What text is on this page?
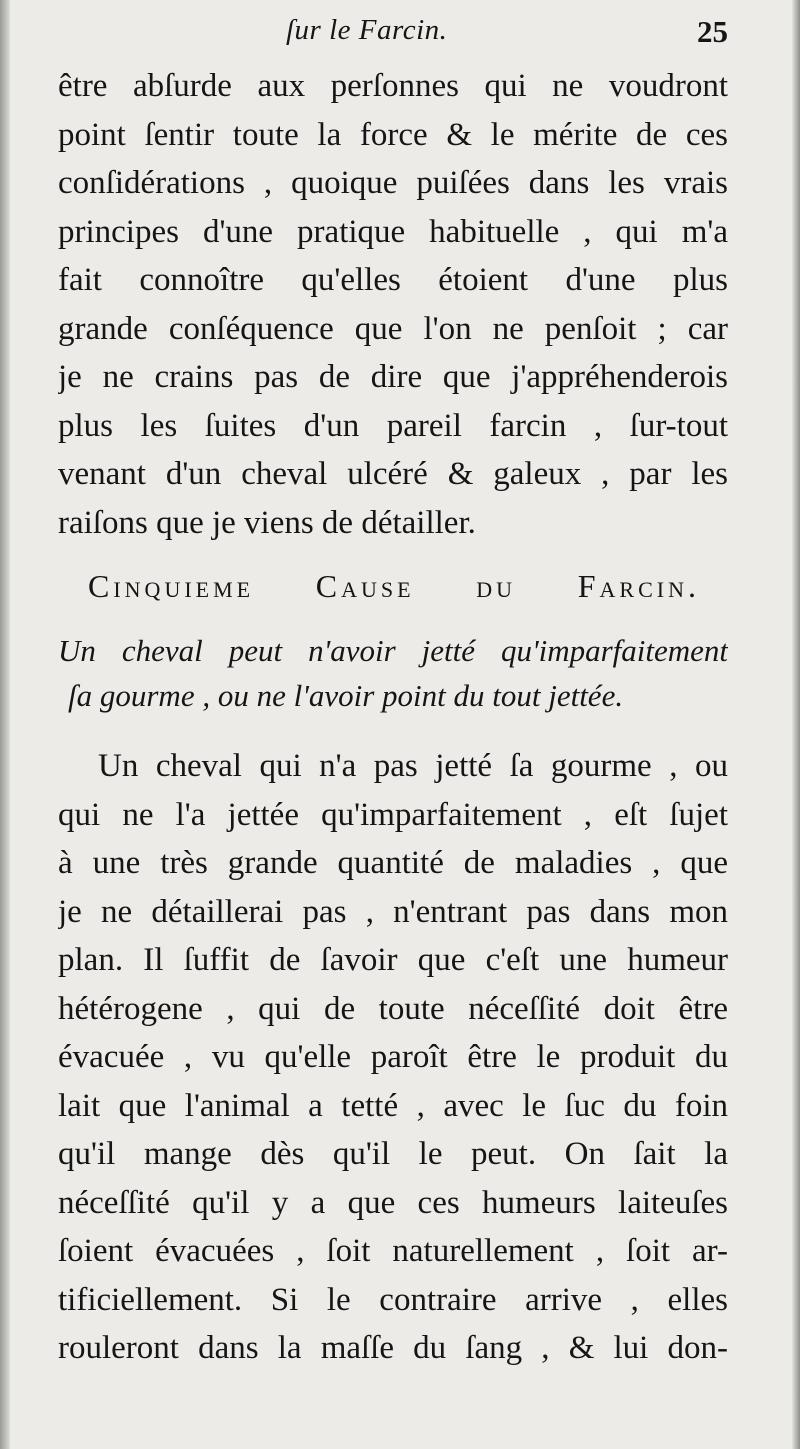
ſur le Farcin.	25
être abſurde aux perſonnes qui ne voudront
point ſentir toute la force & le mérite de ces
conſidérations , quoique puiſées dans les vrais
principes d'une pratique habituelle , qui m'a
fait connoître qu'elles étoient d'une plus
grande conſéquence que l'on ne penſoit ; car
je ne crains pas de dire que j'appréhenderois
plus les ſuites d'un pareil farcin , ſur-tout
venant d'un cheval ulcéré & galeux , par les
raiſons que je viens de détailler.
Cinquieme Cause du Farcin.
Un cheval peut n'avoir jetté qu'imparfaitement
ſa gourme , ou ne l'avoir point du tout jettée.
Un cheval qui n'a pas jetté ſa gourme , ou
qui ne l'a jettée qu'imparfaitement , eſt ſujet
à une très grande quantité de maladies , que
je ne détaillerai pas , n'entrant pas dans mon
plan. Il ſuffit de ſavoir que c'eſt une humeur
hétérogene , qui de toute néceſſité doit être
évacuée , vu qu'elle paroît être le produit du
lait que l'animal a tetté , avec le ſuc du foin
qu'il mange dès qu'il le peut. On ſait la
néceſſité qu'il y a que ces humeurs laiteuſes
ſoient évacuées , ſoit naturellement , ſoit ar-
tificiellement. Si le contraire arrive , elles
rouleront dans la maſſe du ſang , & lui don-
